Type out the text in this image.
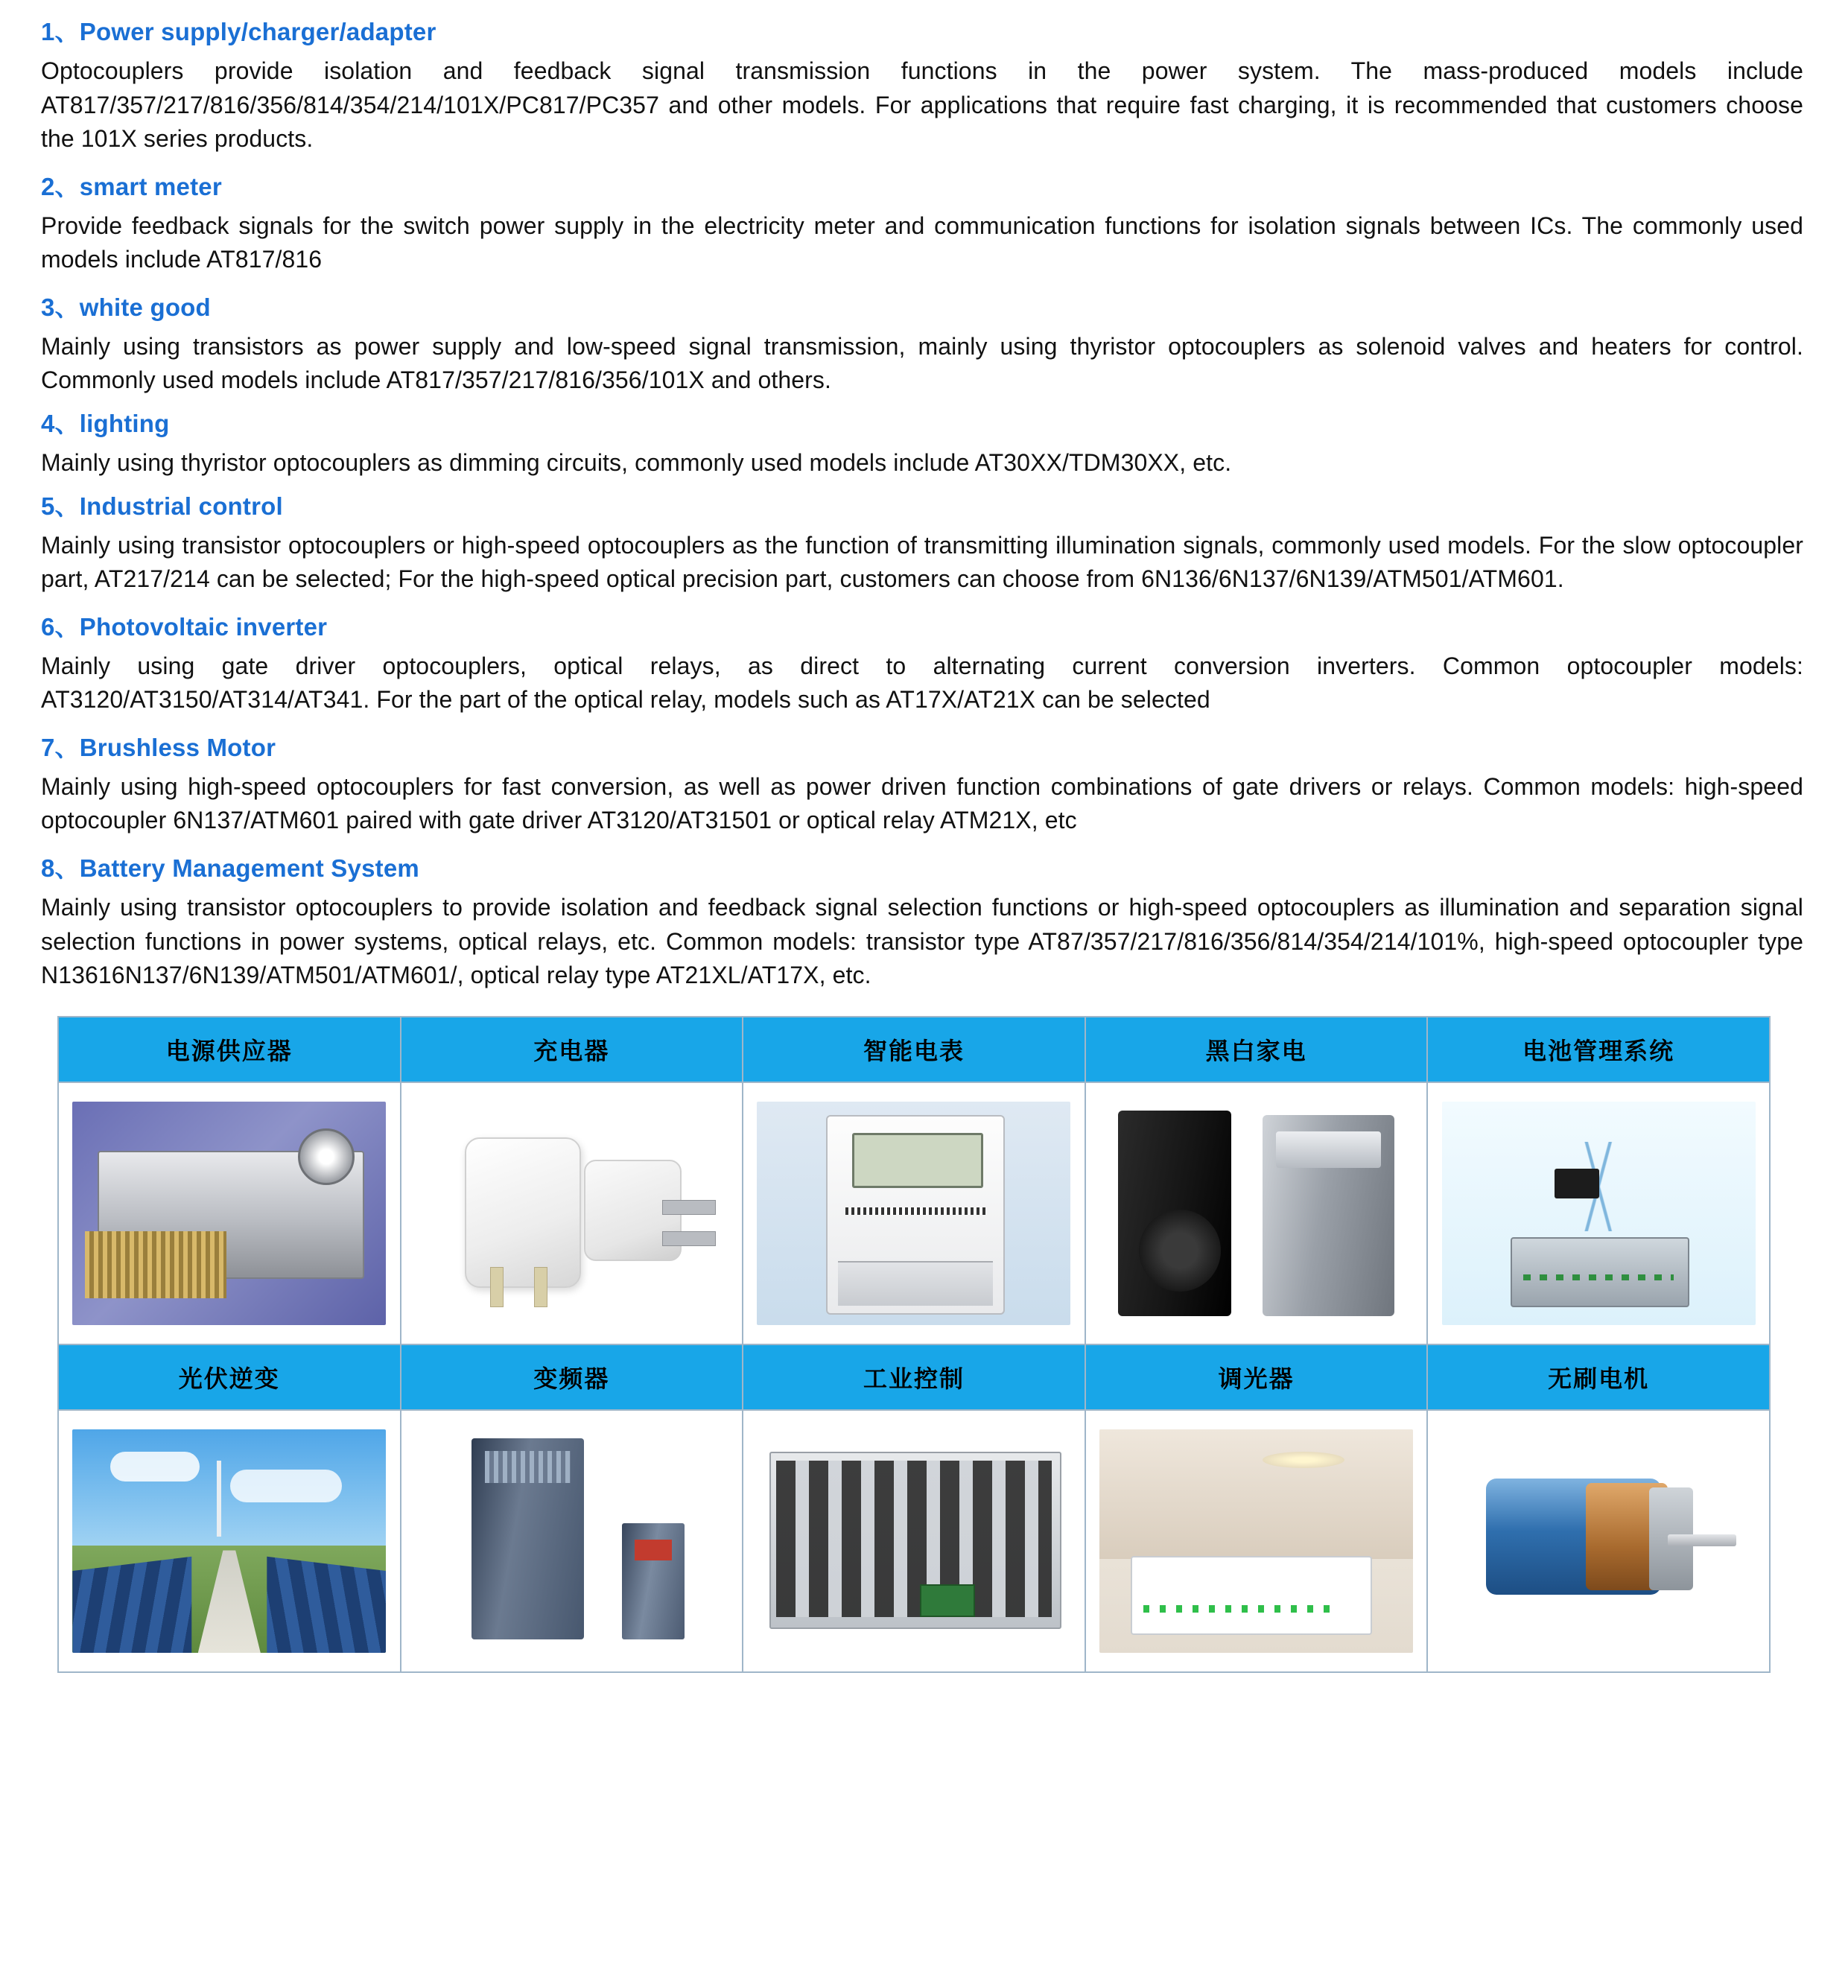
1、Power supply/charger/adapter
Optocouplers provide isolation and feedback signal transmission functions in the power system. The mass-produced models include AT817/357/217/816/356/814/354/214/101X/PC817/PC357 and other models. For applications that require fast charging, it is recommended that customers choose the 101X series products.
2、smart meter
Provide feedback signals for the switch power supply in the electricity meter and communication functions for isolation signals between ICs. The commonly used models include AT817/816
3、white good
Mainly using transistors as power supply and low-speed signal transmission, mainly using thyristor optocouplers as solenoid valves and heaters for control. Commonly used models include AT817/357/217/816/356/101X and others.
4、lighting
Mainly using thyristor optocouplers as dimming circuits, commonly used models include AT30XX/TDM30XX, etc.
5、Industrial control
Mainly using transistor optocouplers or high-speed optocouplers as the function of transmitting illumination signals, commonly used models. For the slow optocoupler part, AT217/214 can be selected; For the high-speed optical precision part, customers can choose from 6N136/6N137/6N139/ATM501/ATM601.
6、Photovoltaic inverter
Mainly using gate driver optocouplers, optical relays, as direct to alternating current conversion inverters. Common optocoupler models: AT3120/AT3150/AT314/AT341. For the part of the optical relay, models such as AT17X/AT21X can be selected
7、Brushless Motor
Mainly using high-speed optocouplers for fast conversion, as well as power driven function combinations of gate drivers or relays. Common models: high-speed optocoupler 6N137/ATM601 paired with gate driver AT3120/AT31501 or optical relay ATM21X, etc
8、Battery Management System
Mainly using transistor optocouplers to provide isolation and feedback signal selection functions or high-speed optocouplers as illumination and separation signal selection functions in power systems, optical relays, etc. Common models: transistor type AT87/357/217/816/356/814/354/214/101%, high-speed optocoupler type N13616N137/6N139/ATM501/ATM601/, optical relay type AT21XL/AT17X, etc.
电源供应器	充电器	智能电表	黑白家电	电池管理系统

光伏逆变	变频器	工业控制	调光器	无刷电机
